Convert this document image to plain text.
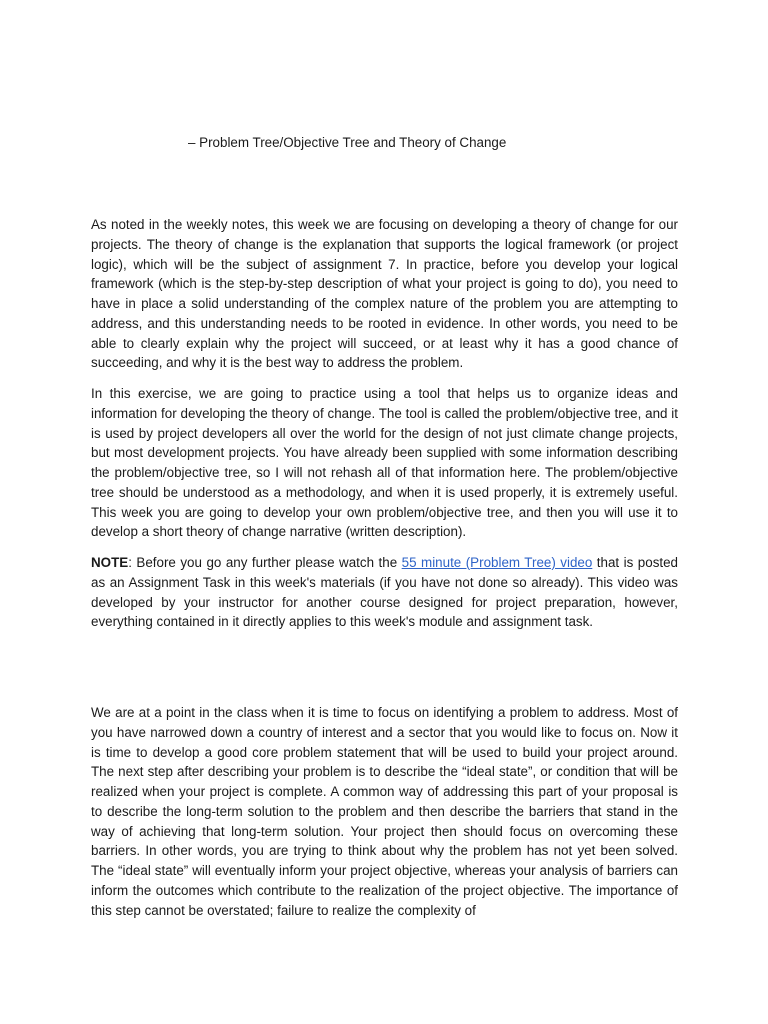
– Problem Tree/Objective Tree and Theory of Change

As noted in the weekly notes, this week we are focusing on developing a theory of change for our projects. The theory of change is the explanation that supports the logical framework (or project logic), which will be the subject of assignment 7. In practice, before you develop your logical framework (which is the step-by-step description of what your project is going to do), you need to have in place a solid understanding of the complex nature of the problem you are attempting to address, and this understanding needs to be rooted in evidence. In other words, you need to be able to clearly explain why the project will succeed, or at least why it has a good chance of succeeding, and why it is the best way to address the problem.

In this exercise, we are going to practice using a tool that helps us to organize ideas and information for developing the theory of change. The tool is called the problem/objective tree, and it is used by project developers all over the world for the design of not just climate change projects, but most development projects. You have already been supplied with some information describing the problem/objective tree, so I will not rehash all of that information here. The problem/objective tree should be understood as a methodology, and when it is used properly, it is extremely useful. This week you are going to develop your own problem/objective tree, and then you will use it to develop a short theory of change narrative (written description).

NOTE: Before you go any further please watch the 55 minute (Problem Tree) video that is posted as an Assignment Task in this week's materials (if you have not done so already). This video was developed by your instructor for another course designed for project preparation, however, everything contained in it directly applies to this week's module and assignment task.

We are at a point in the class when it is time to focus on identifying a problem to address. Most of you have narrowed down a country of interest and a sector that you would like to focus on. Now it is time to develop a good core problem statement that will be used to build your project around. The next step after describing your problem is to describe the “ideal state”, or condition that will be realized when your project is complete. A common way of addressing this part of your proposal is to describe the long-term solution to the problem and then describe the barriers that stand in the way of achieving that long-term solution. Your project then should focus on overcoming these barriers. In other words, you are trying to think about why the problem has not yet been solved. The “ideal state” will eventually inform your project objective, whereas your analysis of barriers can inform the outcomes which contribute to the realization of the project objective. The importance of this step cannot be overstated; failure to realize the complexity of
